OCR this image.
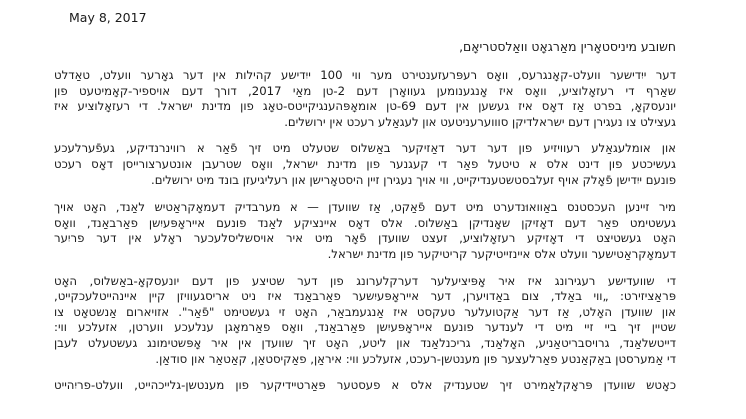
May 8, 2017
חשובע מיניסטאָרין מאַרגאָט וואַלסטריאָם,
דער ייִדישער וועלט-קאָנגרעס, וואָס רעפּרעזענטירט מער ווי 100 ייִדישע קהילות אין דער גאָרער וועלט, טאַדלט
שאַרף די רעזאָלוציע, וואָס איז אָנגענומען געוואָרן דעם 2-טן מאַי 2017, דורך דעם אויספיר-קאָמיטעט פון
יונעסקאָ, בפרט אַז דאָס איז געשען אין דעם 69-טן אומאָפּהענגיקייטס-טאָג פון מדינת ישראל. די רעזאָלוציע איז
געצילט צו נעגירן דעם ישראלדיקן סוווערעניטעט און לעגאַלע רעכט אין ירושלים.
און אומלעגאַלע רעוויזיע פון דער דער דאַזיקער באַשלוס שטעלט מיט זיך פֿאַר א רווינרנדיקע, געפֿערלעכע
געשיכטע פון דינט אלס א טיטעל פאַר די קעגנער פון מדינת ישראל, וואָס שטרעבן אונטערצורייסן דאָס רעכט
פונעם ייִדישן פֿאָלק אויף זעלבסטשטענדיקייט, ווי אויך נעגירן זיין היסטאָרישן און רעליגיעזן בונד מיט ירושלים.
מיר זיינען העכסטנס באַוואוּנדערט מיט דעם פֿאַקט, אַז שוועדן — א מערבדיק דעמאָקראַטיש לאַנד, האָט אויך
געשטימט פאַר דעם דאָזיקן שאָנדיקן באַשלוס. אלס דאָס איינציקע לאַנד פונעם אייראָפּעיִשן פאַרבאַנד, וואָס
האָט געשטיצט די דאָזיקע רעזאָלוציע, זעצט שוועדן פֿאָר מיט איר אויסשליסלעכער ראָלע אין דער פריִער
דעמאָקראַטישער וועלט אלס איינזייטיקער קריטיקער פון מדינת ישראל.
די שוועדישע רעגירונג איז איר אָפּיציעלער דערקלערונג פון דער שטיצע פון דעם יונעסקאָ-באַשלוס, האָט
פּראַציזירט: „ווי באַלד, צום באַדויערן, דער אייראָפּעיִשער פאַרבאַנד איז ניט אריסגעוויזן קיין איינהייטלעכקייט,
און שוועדן האָלט, אַז דער אַקטועלער טעקסט איז אַנגעמבאַר, האָט זי געשטימט "פֿאַר". אזויארום אַנשטאָט צו
שטיין זיך ביי זיי מיט די לענדער פונעם אייראָפּעיִשן פאַרבאַנד, וואָס פאַרמאָגן ענלעכע ווערטן, אזעלכע ווי:
דייטשלאַנד, גרויסבריטאַניע, האָלאַנד, גריכנלאַנד און ליטע, האָט זיך שוועדן אין איר אָפּשטימונג געשטעלט לעבן
די אַמערסטן באַקאַנטע פאַרלעצער פון מענטשן-רעכט, אזעלכע ווי: איראַן, פאַקיסטאַן, קאַטאַר און סודאַן.
כאָטש שוועדן פּראָקלאַמירט זיך שטענדיק אלס א פעסטער פּאַרטיידיקער פון מענטשן-גלייכהייט, וועלט-פריִהייט
